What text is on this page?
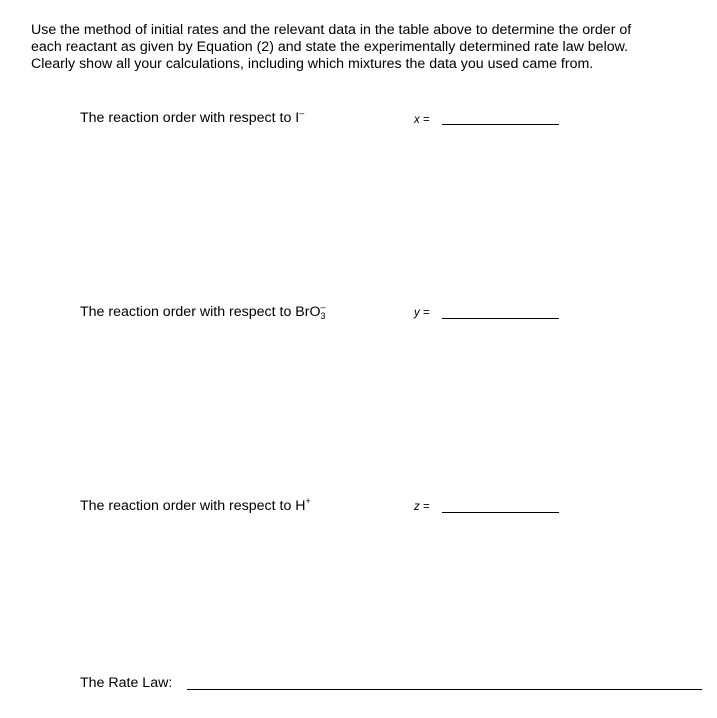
Use the method of initial rates and the relevant data in the table above to determine the order of
each reactant as given by Equation (2) and state the experimentally determined rate law below.
Clearly show all your calculations, including which mixtures the data you used came from.
The reaction order with respect to I–
x =
The reaction order with respect to BrO$_3$–	y =
The reaction order with respect to H+	z =
The Rate Law:
